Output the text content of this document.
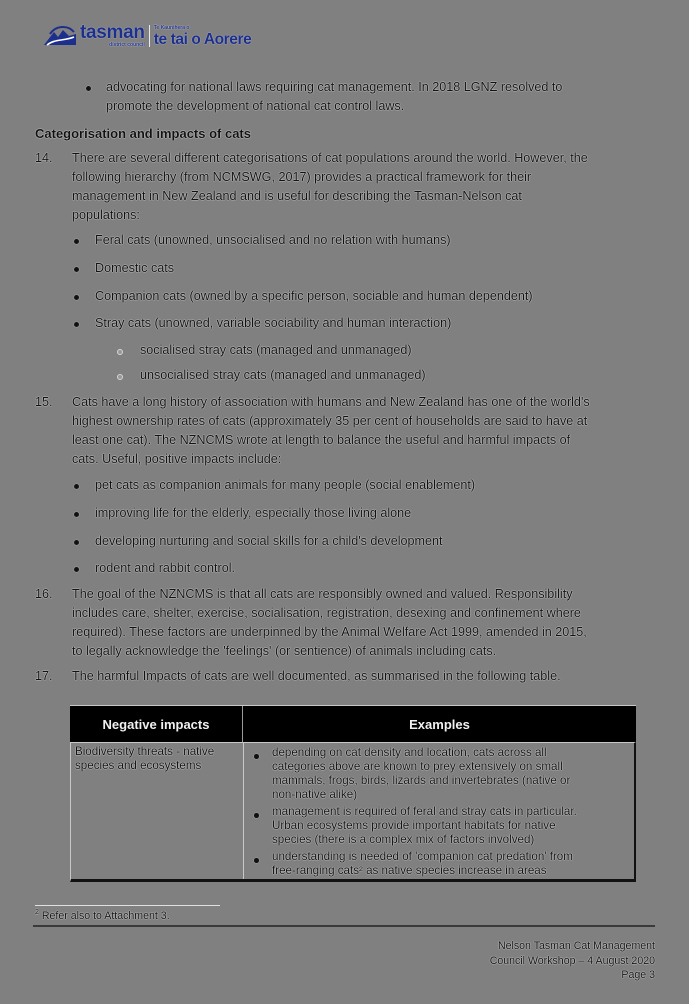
tasman
district council
Te Kaunihera o
te tai o Aorere
advocating for national laws requiring cat management. In 2018 LGNZ resolved to
promote the development of national cat control laws.
Categorisation and impacts of cats
14. There are several different categorisations of cat populations around the world. However, the
following hierarchy (from NCMSWG, 2017) provides a practical framework for their
management in New Zealand and is useful for describing the Tasman-Nelson cat
populations:
Feral cats (unowned, unsocialised and no relation with humans)
Domestic cats
Companion cats (owned by a specific person, sociable and human dependent)
Stray cats (unowned, variable sociability and human interaction)
socialised stray cats (managed and unmanaged)
unsocialised stray cats (managed and unmanaged)
15. Cats have a long history of association with humans and New Zealand has one of the world's
highest ownership rates of cats (approximately 35 per cent of households are said to have at
least one cat). The NZNCMS wrote at length to balance the useful and harmful impacts of
cats. Useful, positive impacts include:
pet cats as companion animals for many people (social enablement)
improving life for the elderly, especially those living alone
developing nurturing and social skills for a child's development
rodent and rabbit control.
16. The goal of the NZNCMS is that all cats are responsibly owned and valued. Responsibility
includes care, shelter, exercise, socialisation, registration, desexing and confinement where
required). These factors are underpinned by the Animal Welfare Act 1999, amended in 2015,
to legally acknowledge the 'feelings' (or sentience) of animals including cats.
17. The harmful Impacts of cats are well documented, as summarised in the following table.
Negative impacts	Examples
Biodiversity threats - native
species and ecosystems
depending on cat density and location, cats across all
categories above are known to prey extensively on small
mammals, frogs, birds, lizards and invertebrates (native or
non-native alike)
management is required of feral and stray cats in particular.
Urban ecosystems provide important habitats for native
species (there is a complex mix of factors involved)
understanding is needed of 'companion cat predation' from
free-ranging cats² as native species increase in areas
$^2$ Refer also to Attachment 3.
Nelson Tasman Cat Management
Council Workshop – 4 August 2020
Page 3
